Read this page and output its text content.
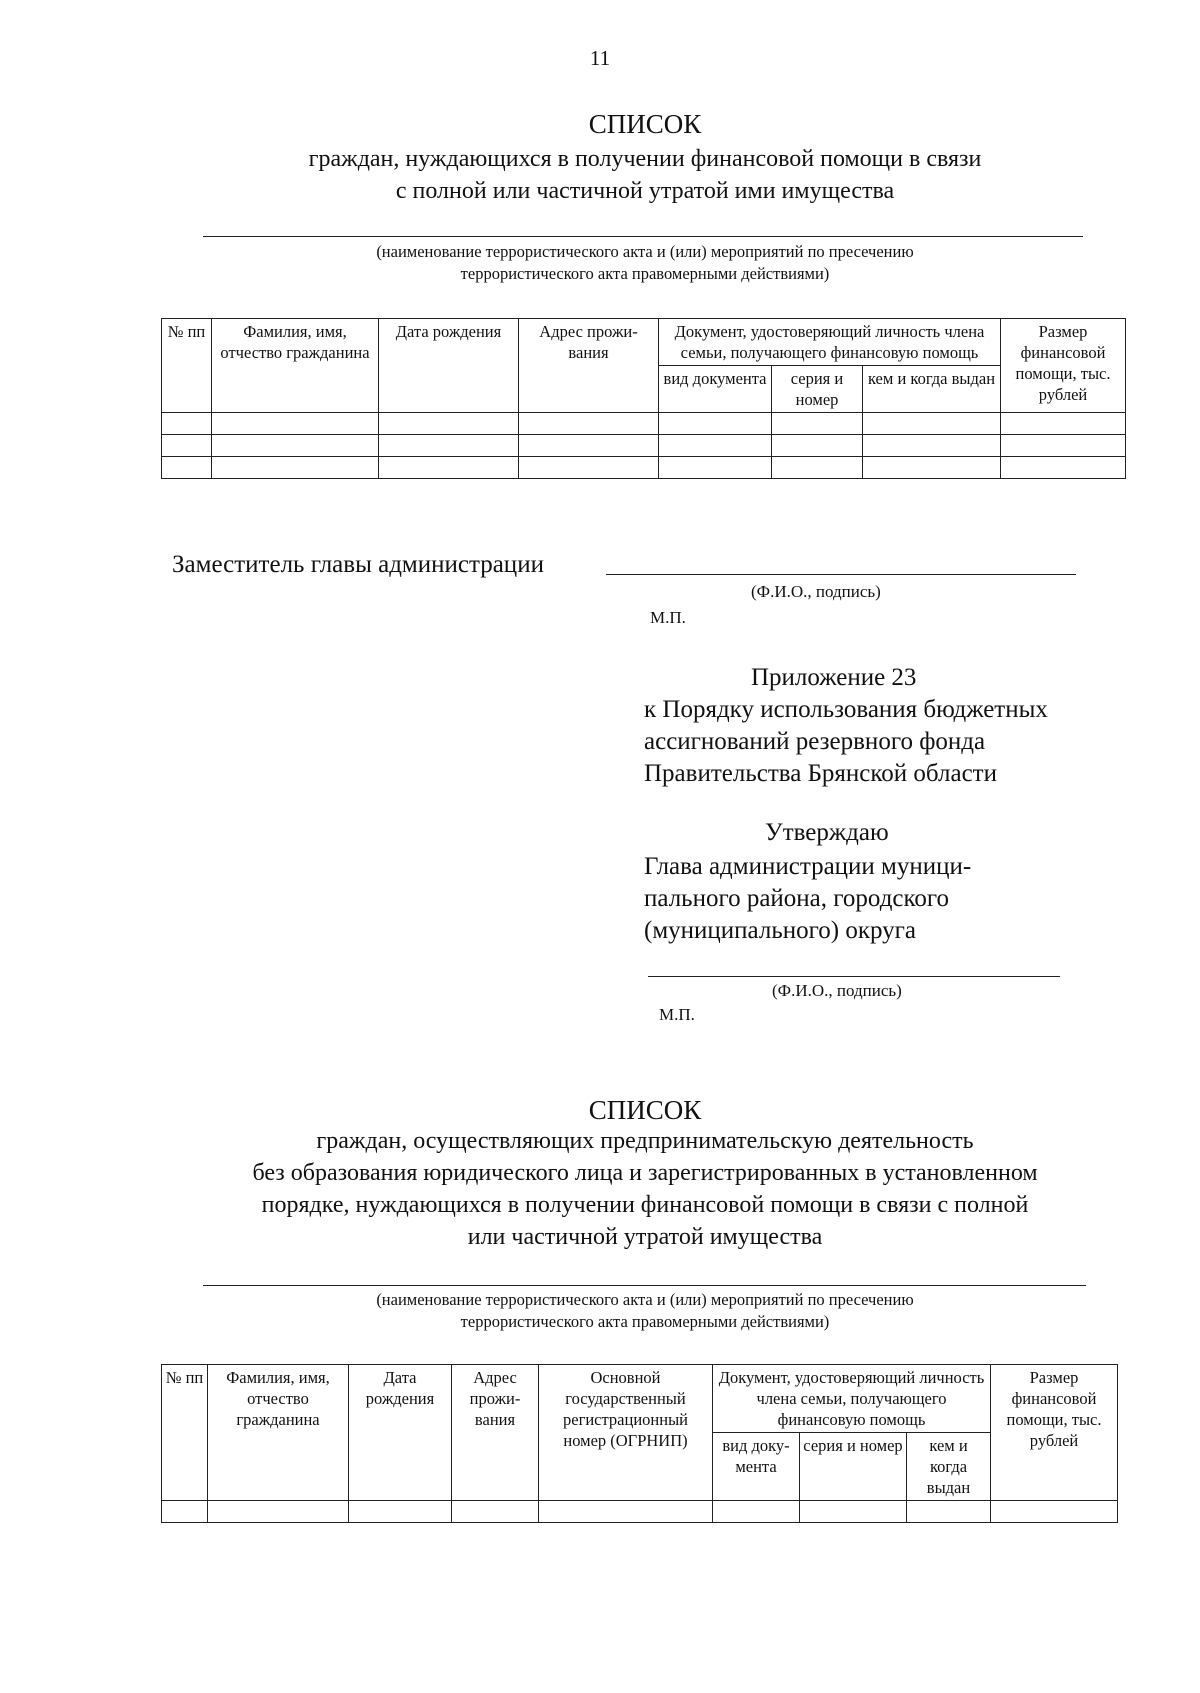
11
СПИСОК
граждан, нуждающихся в получении финансовой помощи в связи
с полной или частичной утратой ими имущества
(наименование террористического акта и (или) мероприятий по пресечению
террористического акта правомерными действиями)
№ пп	Фамилия, имя, отчество гражданина	Дата рождения	Адрес прожи-вания	Документ, удостоверяющий личность члена семьи, получающего финансовую помощь			Размер финансовой помощи, тыс. рублей
				вид документа	серия и номер	кем и когда выдан	

Заместитель главы администрации
(Ф.И.О., подпись)
М.П.
Приложение 23
к Порядку использования бюджетных
ассигнований резервного фонда
Правительства Брянской области
Утверждаю
Глава администрации муници-
пального района, городского
(муниципального) округа
(Ф.И.О., подпись)
М.П.
СПИСОК
граждан, осуществляющих предпринимательскую деятельность
без образования юридического лица и зарегистрированных в установленном
порядке, нуждающихся в получении финансовой помощи в связи с полной
или частичной утратой имущества
(наименование террористического акта и (или) мероприятий по пресечению
террористического акта правомерными действиями)
№ пп	Фамилия, имя, отчество гражданина	Дата рождения	Адрес прожи-вания	Основной государственный регистрационный номер (ОГРНИП)	Документ, удостоверяющий личность члена семьи, получающего финансовую помощь			Размер финансовой помощи, тыс. рублей
					вид доку-мента	серия и номер	кем и когда выдан	
